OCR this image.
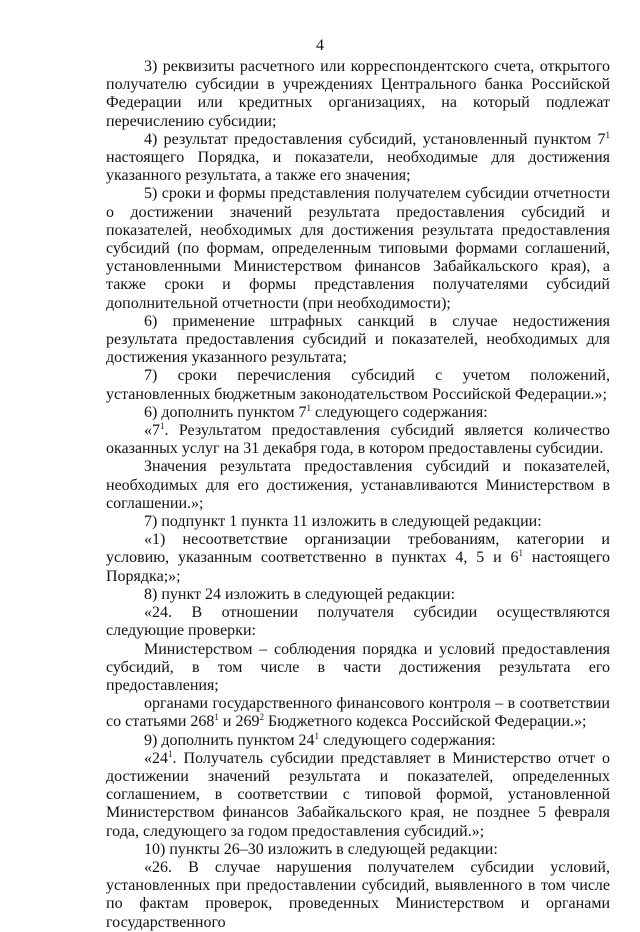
4

3) реквизиты расчетного или корреспондентского счета, открытого получателю субсидии в учреждениях Центрального банка Российской Федерации или кредитных организациях, на который подлежат перечислению субсидии;

4) результат предоставления субсидий, установленный пунктом $7^1$ настоящего Порядка, и показатели, необходимые для достижения указанного результата, а также его значения;

5) сроки и формы представления получателем субсидии отчетности о достижении значений результата предоставления субсидий и показателей, необходимых для достижения результата предоставления субсидий (по формам, определенным типовыми формами соглашений, установленными Министерством финансов Забайкальского края), а также сроки и формы представления получателями субсидий дополнительной отчетности (при необходимости);

6) применение штрафных санкций в случае недостижения результата предоставления субсидий и показателей, необходимых для достижения указанного результата;

7) сроки перечисления субсидий с учетом положений, установленных бюджетным законодательством Российской Федерации.»;

6) дополнить пунктом $7^1$ следующего содержания:

«$7^1$. Результатом предоставления субсидий является количество оказанных услуг на 31 декабря года, в котором предоставлены субсидии.

Значения результата предоставления субсидий и показателей, необходимых для его достижения, устанавливаются Министерством в соглашении.»;

7) подпункт 1 пункта 11 изложить в следующей редакции:

«1) несоответствие организации требованиям, категории и условию, указанным соответственно в пунктах 4, 5 и $6^1$ настоящего Порядка;»;

8) пункт 24 изложить в следующей редакции:

«24. В отношении получателя субсидии осуществляются следующие проверки:

Министерством – соблюдения порядка и условий предоставления субсидий, в том числе в части достижения результата его предоставления;

органами государственного финансового контроля – в соответствии со статьями $268^1$ и $269^2$ Бюджетного кодекса Российской Федерации.»;

9) дополнить пунктом $24^1$ следующего содержания:

«$24^1$. Получатель субсидии представляет в Министерство отчет о достижении значений результата и показателей, определенных соглашением, в соответствии с типовой формой, установленной Министерством финансов Забайкальского края, не позднее 5 февраля года, следующего за годом предоставления субсидий.»;

10) пункты 26–30 изложить в следующей редакции:

«26. В случае нарушения получателем субсидии условий, установленных при предоставлении субсидий, выявленного в том числе по фактам проверок, проведенных Министерством и органами государственного
